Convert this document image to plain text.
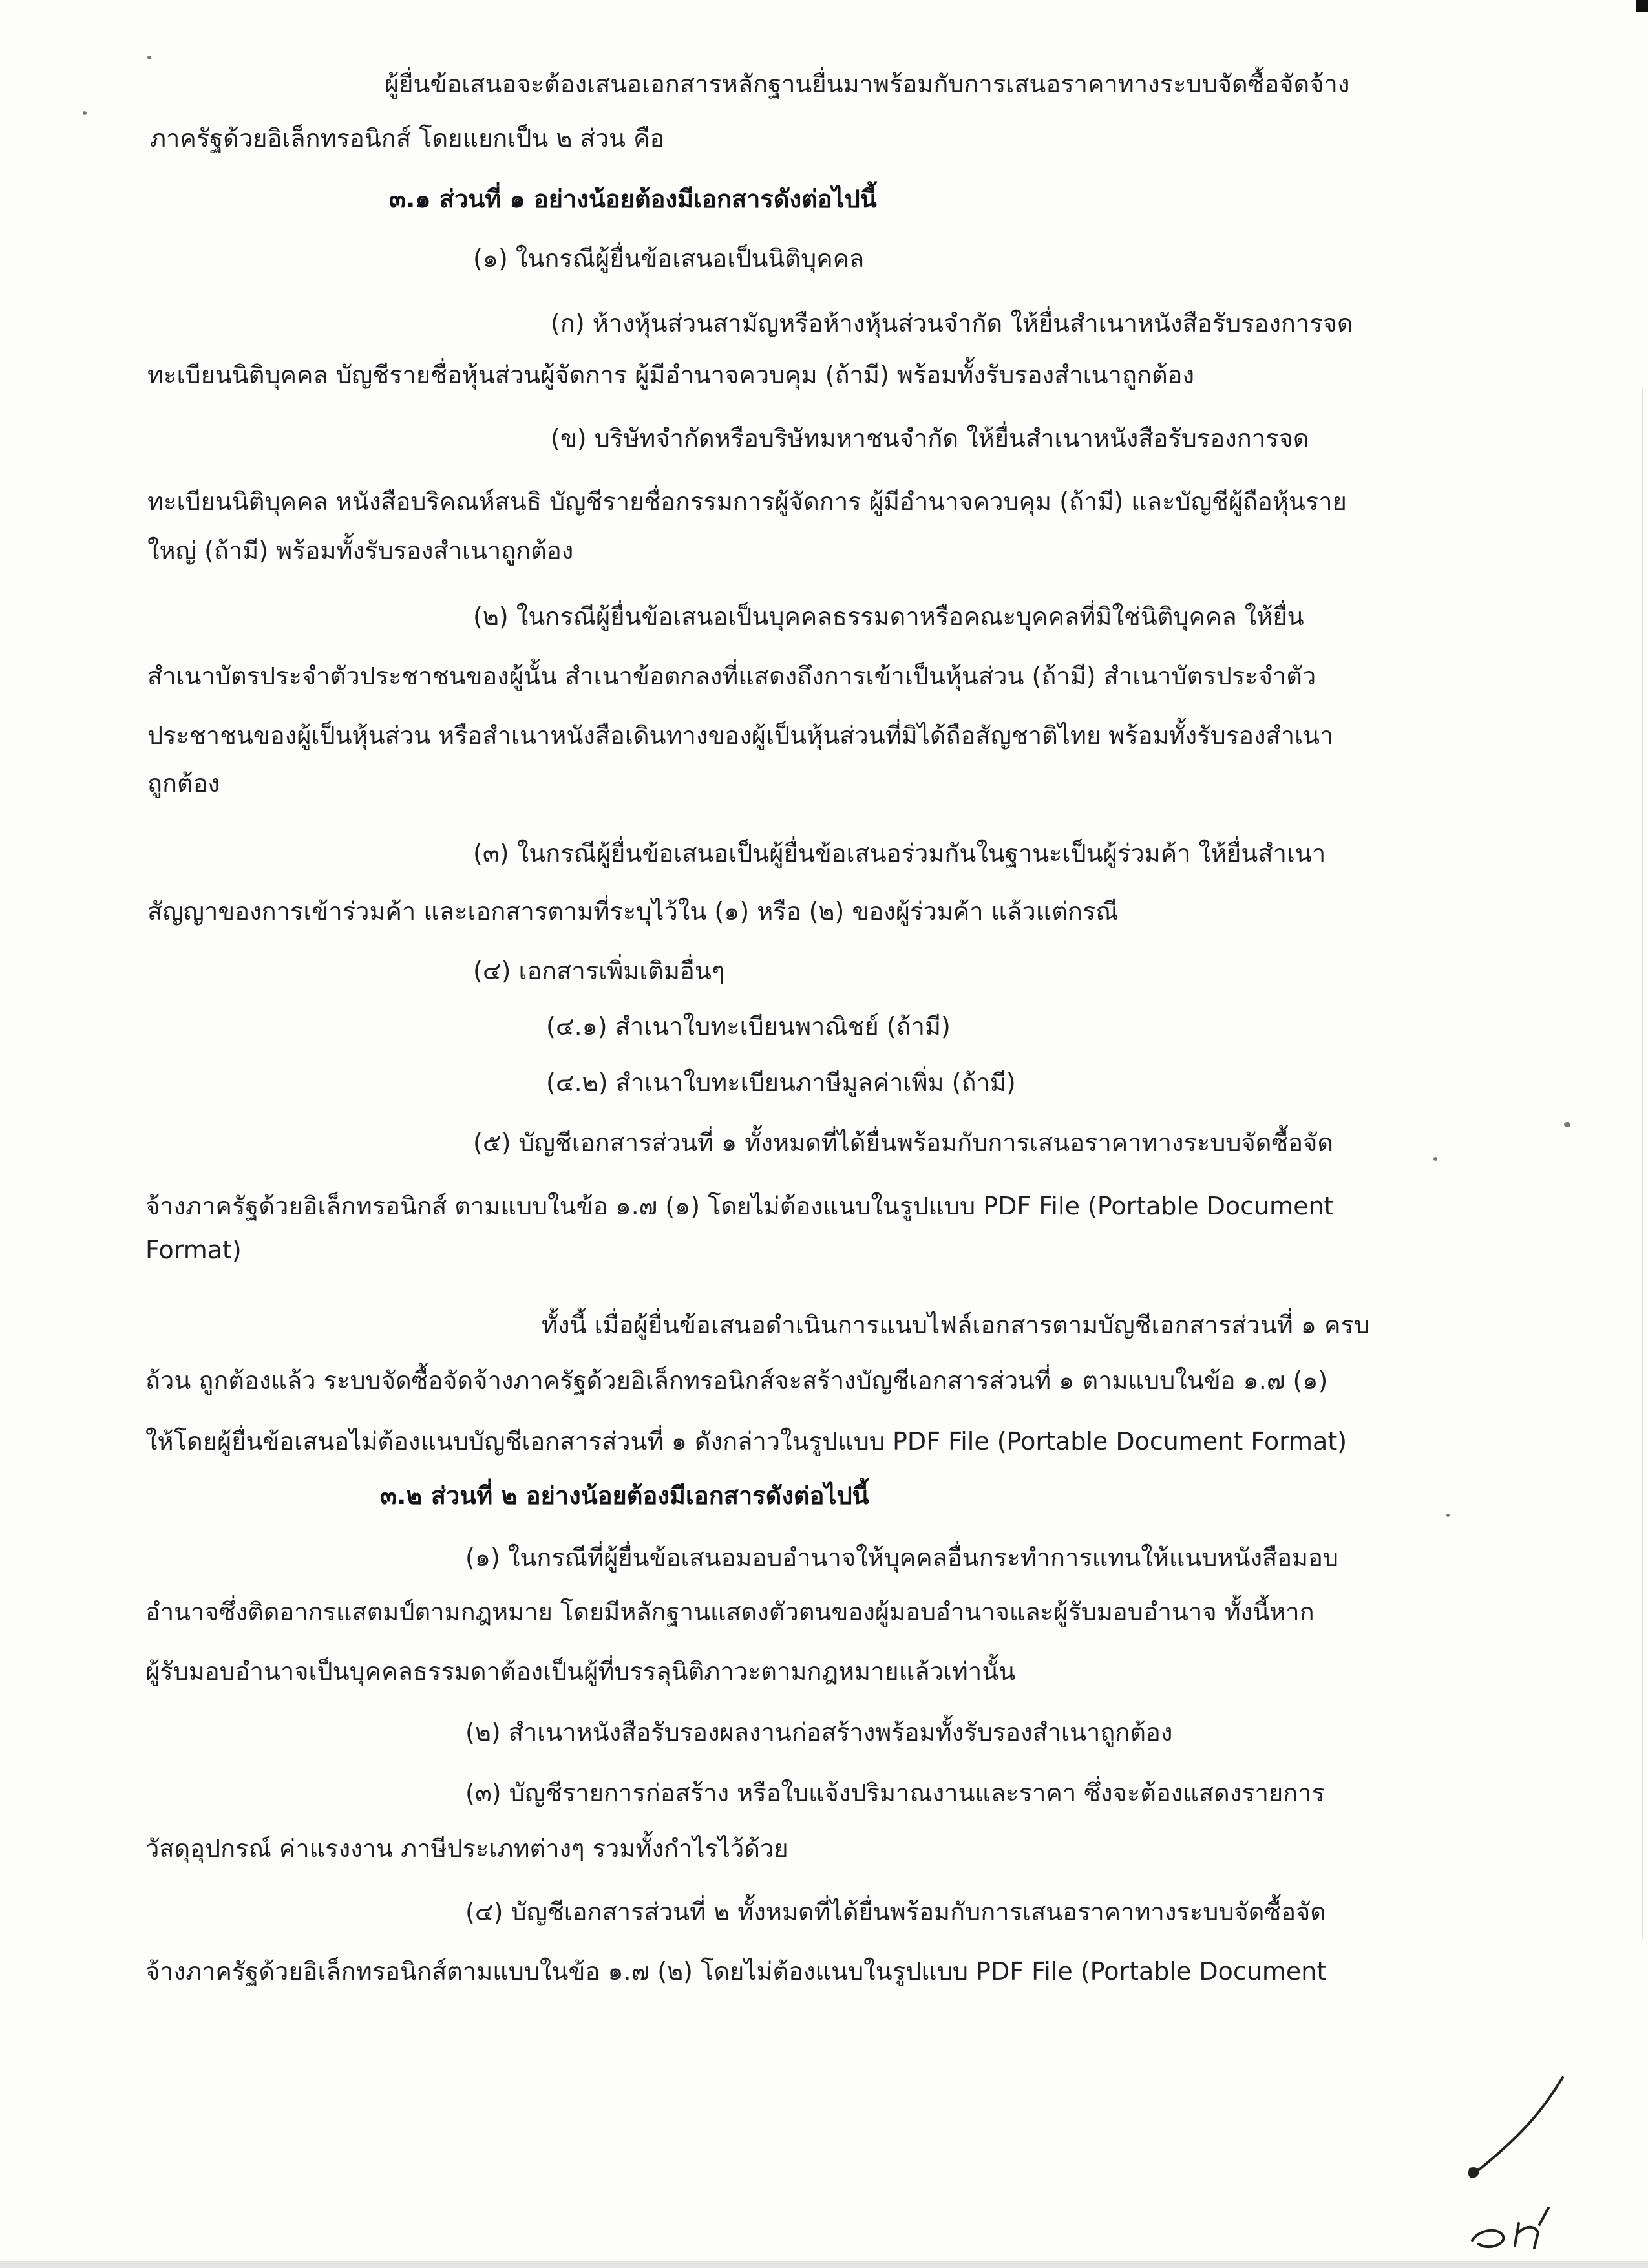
ผู้ยื่นข้อเสนอจะต้องเสนอเอกสารหลักฐานยื่นมาพร้อมกับการเสนอราคาทางระบบจัดซื้อจัดจ้าง
ภาครัฐด้วยอิเล็กทรอนิกส์ โดยแยกเป็น ๒ ส่วน คือ
๓.๑ ส่วนที่ ๑ อย่างน้อยต้องมีเอกสารดังต่อไปนี้
(๑) ในกรณีผู้ยื่นข้อเสนอเป็นนิติบุคคล
(ก) ห้างหุ้นส่วนสามัญหรือห้างหุ้นส่วนจำกัด ให้ยื่นสำเนาหนังสือรับรองการจด
ทะเบียนนิติบุคคล บัญชีรายชื่อหุ้นส่วนผู้จัดการ ผู้มีอำนาจควบคุม (ถ้ามี) พร้อมทั้งรับรองสำเนาถูกต้อง
(ข) บริษัทจำกัดหรือบริษัทมหาชนจำกัด ให้ยื่นสำเนาหนังสือรับรองการจด
ทะเบียนนิติบุคคล หนังสือบริคณห์สนธิ บัญชีรายชื่อกรรมการผู้จัดการ ผู้มีอำนาจควบคุม (ถ้ามี) และบัญชีผู้ถือหุ้นราย
ใหญ่ (ถ้ามี) พร้อมทั้งรับรองสำเนาถูกต้อง
(๒) ในกรณีผู้ยื่นข้อเสนอเป็นบุคคลธรรมดาหรือคณะบุคคลที่มิใช่นิติบุคคล ให้ยื่น
สำเนาบัตรประจำตัวประชาชนของผู้นั้น สำเนาข้อตกลงที่แสดงถึงการเข้าเป็นหุ้นส่วน (ถ้ามี) สำเนาบัตรประจำตัว
ประชาชนของผู้เป็นหุ้นส่วน หรือสำเนาหนังสือเดินทางของผู้เป็นหุ้นส่วนที่มิได้ถือสัญชาติไทย พร้อมทั้งรับรองสำเนา
ถูกต้อง
(๓) ในกรณีผู้ยื่นข้อเสนอเป็นผู้ยื่นข้อเสนอร่วมกันในฐานะเป็นผู้ร่วมค้า ให้ยื่นสำเนา
สัญญาของการเข้าร่วมค้า และเอกสารตามที่ระบุไว้ใน (๑) หรือ (๒) ของผู้ร่วมค้า แล้วแต่กรณี
(๔) เอกสารเพิ่มเติมอื่นๆ
(๔.๑) สำเนาใบทะเบียนพาณิชย์ (ถ้ามี)
(๔.๒) สำเนาใบทะเบียนภาษีมูลค่าเพิ่ม (ถ้ามี)
(๕) บัญชีเอกสารส่วนที่ ๑ ทั้งหมดที่ได้ยื่นพร้อมกับการเสนอราคาทางระบบจัดซื้อจัด
จ้างภาครัฐด้วยอิเล็กทรอนิกส์ ตามแบบในข้อ ๑.๗ (๑) โดยไม่ต้องแนบในรูปแบบ PDF File (Portable Document
Format)
ทั้งนี้ เมื่อผู้ยื่นข้อเสนอดำเนินการแนบไฟล์เอกสารตามบัญชีเอกสารส่วนที่ ๑ ครบ
ถ้วน ถูกต้องแล้ว ระบบจัดซื้อจัดจ้างภาครัฐด้วยอิเล็กทรอนิกส์จะสร้างบัญชีเอกสารส่วนที่ ๑ ตามแบบในข้อ ๑.๗ (๑)
ให้โดยผู้ยื่นข้อเสนอไม่ต้องแนบบัญชีเอกสารส่วนที่ ๑ ดังกล่าวในรูปแบบ PDF File (Portable Document Format)
๓.๒ ส่วนที่ ๒ อย่างน้อยต้องมีเอกสารดังต่อไปนี้
(๑) ในกรณีที่ผู้ยื่นข้อเสนอมอบอำนาจให้บุคคลอื่นกระทำการแทนให้แนบหนังสือมอบ
อำนาจซึ่งติดอากรแสตมป์ตามกฎหมาย โดยมีหลักฐานแสดงตัวตนของผู้มอบอำนาจและผู้รับมอบอำนาจ ทั้งนี้หาก
ผู้รับมอบอำนาจเป็นบุคคลธรรมดาต้องเป็นผู้ที่บรรลุนิติภาวะตามกฎหมายแล้วเท่านั้น
(๒) สำเนาหนังสือรับรองผลงานก่อสร้างพร้อมทั้งรับรองสำเนาถูกต้อง
(๓) บัญชีรายการก่อสร้าง หรือใบแจ้งปริมาณงานและราคา ซึ่งจะต้องแสดงรายการ
วัสดุอุปกรณ์ ค่าแรงงาน ภาษีประเภทต่างๆ รวมทั้งกำไรไว้ด้วย
(๔) บัญชีเอกสารส่วนที่ ๒ ทั้งหมดที่ได้ยื่นพร้อมกับการเสนอราคาทางระบบจัดซื้อจัด
จ้างภาครัฐด้วยอิเล็กทรอนิกส์ตามแบบในข้อ ๑.๗ (๒) โดยไม่ต้องแนบในรูปแบบ PDF File (Portable Document
